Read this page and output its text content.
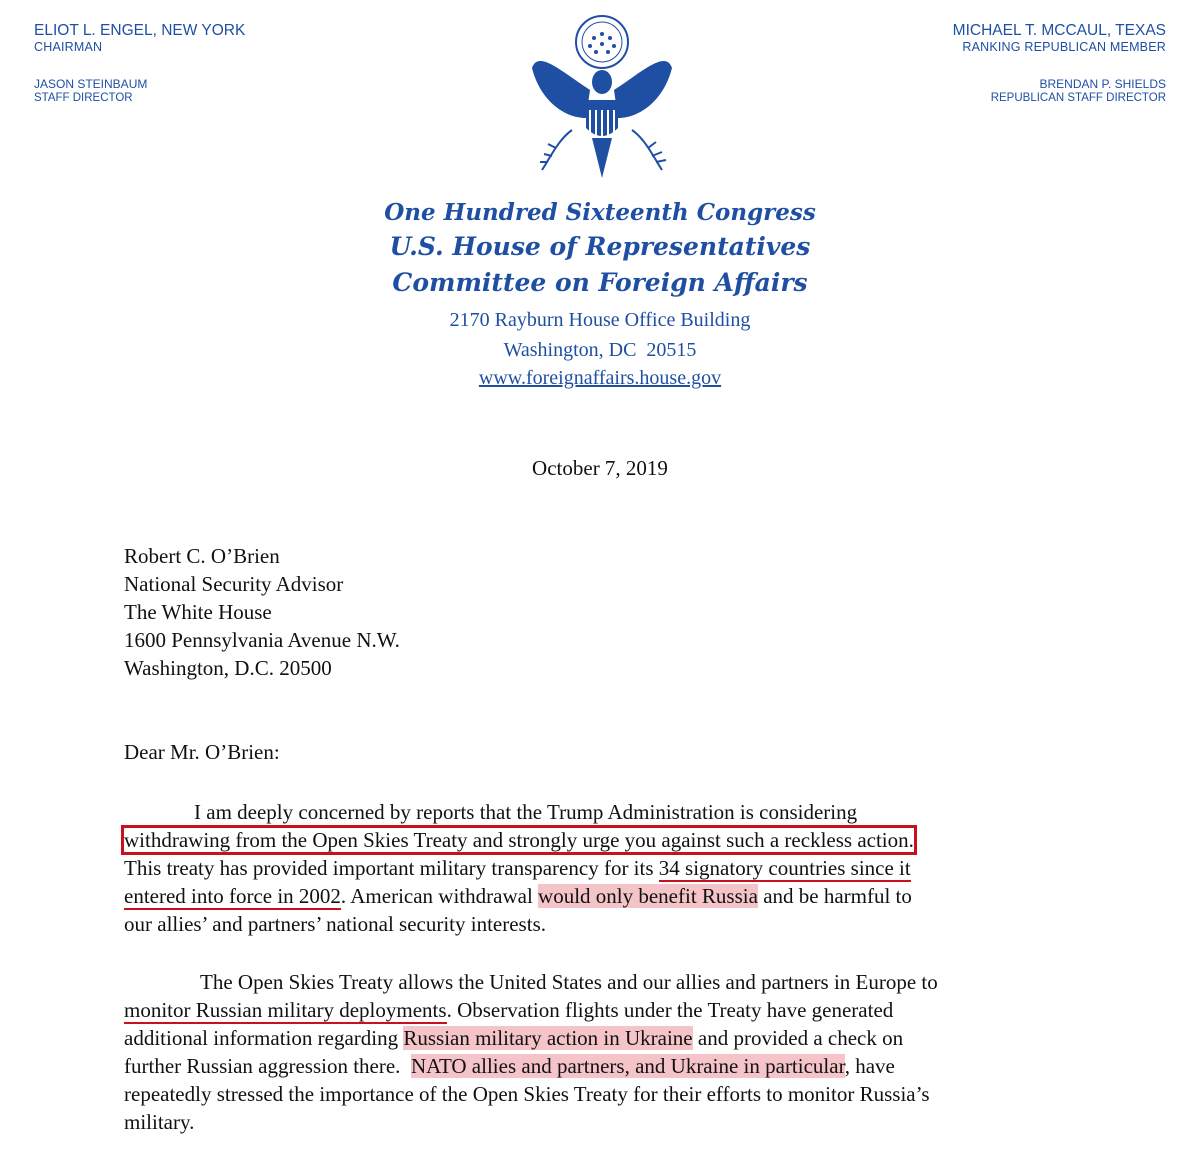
ELIOT L. ENGEL, NEW YORK
CHAIRMAN
JASON STEINBAUM
STAFF DIRECTOR
MICHAEL T. MCCAUL, TEXAS
RANKING REPUBLICAN MEMBER
BRENDAN P. SHIELDS
REPUBLICAN STAFF DIRECTOR
One Hundred Sixteenth Congress
U.S. House of Representatives
Committee on Foreign Affairs
2170 Rayburn House Office Building
Washington, DC  20515
www.foreignaffairs.house.gov
October 7, 2019
Robert C. O’Brien
National Security Advisor
The White House
1600 Pennsylvania Avenue N.W.
Washington, D.C. 20500
Dear Mr. O’Brien:
I am deeply concerned by reports that the Trump Administration is considering
withdrawing from the Open Skies Treaty and strongly urge you against such a reckless action.
This treaty has provided important military transparency for its 34 signatory countries since it
entered into force in 2002. American withdrawal would only benefit Russia and be harmful to
our allies’ and partners’ national security interests.
The Open Skies Treaty allows the United States and our allies and partners in Europe to
monitor Russian military deployments. Observation flights under the Treaty have generated
additional information regarding Russian military action in Ukraine and provided a check on
further Russian aggression there.  NATO allies and partners, and Ukraine in particular, have
repeatedly stressed the importance of the Open Skies Treaty for their efforts to monitor Russia’s
military.
